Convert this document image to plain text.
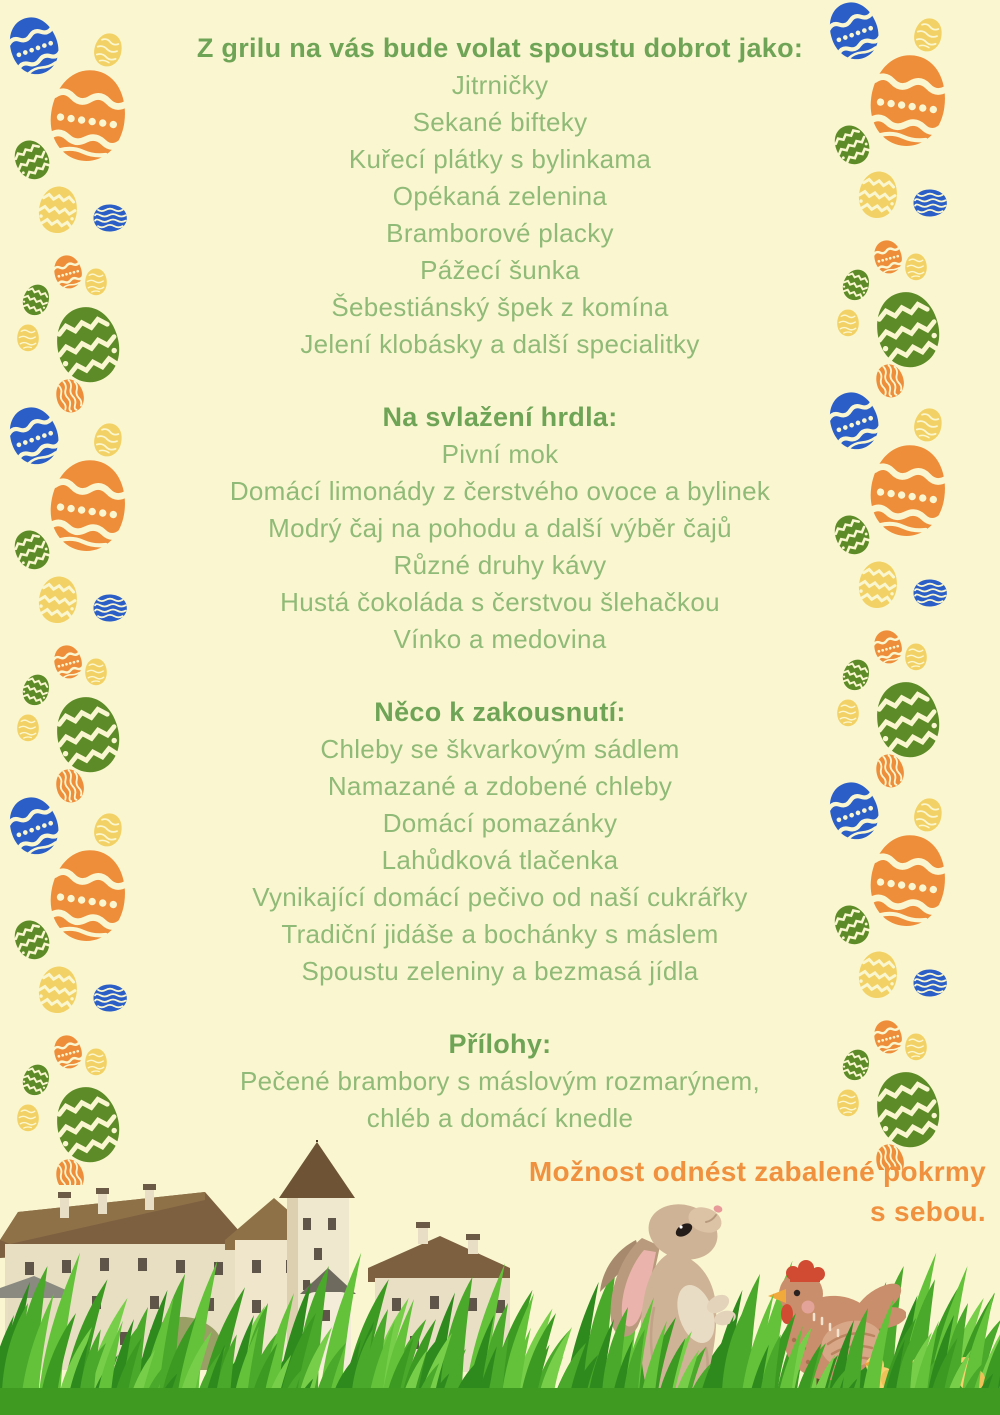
Z grilu na vás bude volat spoustu dobrot jako:
Jitrničky
Sekané bifteky
Kuřecí plátky s bylinkama
Opékaná zelenina
Bramborové placky
Pážecí šunka
Šebestiánský špek z komína
Jelení klobásky a další specialitky
Na svlažení hrdla:
Pivní mok
Domácí limonády z čerstvého ovoce a bylinek
Modrý čaj na pohodu a další výběr čajů
Různé druhy kávy
Hustá čokoláda s čerstvou šlehačkou
Vínko a medovina
Něco k zakousnutí:
Chleby se škvarkovým sádlem
Namazané a zdobené chleby
Domácí pomazánky
Lahůdková tlačenka
Vynikající domácí pečivo od naší cukrářky
Tradiční jidáše a bochánky s máslem
Spoustu zeleniny a bezmasá jídla
Přílohy:
Pečené brambory s máslovým rozmarýnem,
chléb a domácí knedle
Možnost odnést zabalené pokrmy
s sebou.
